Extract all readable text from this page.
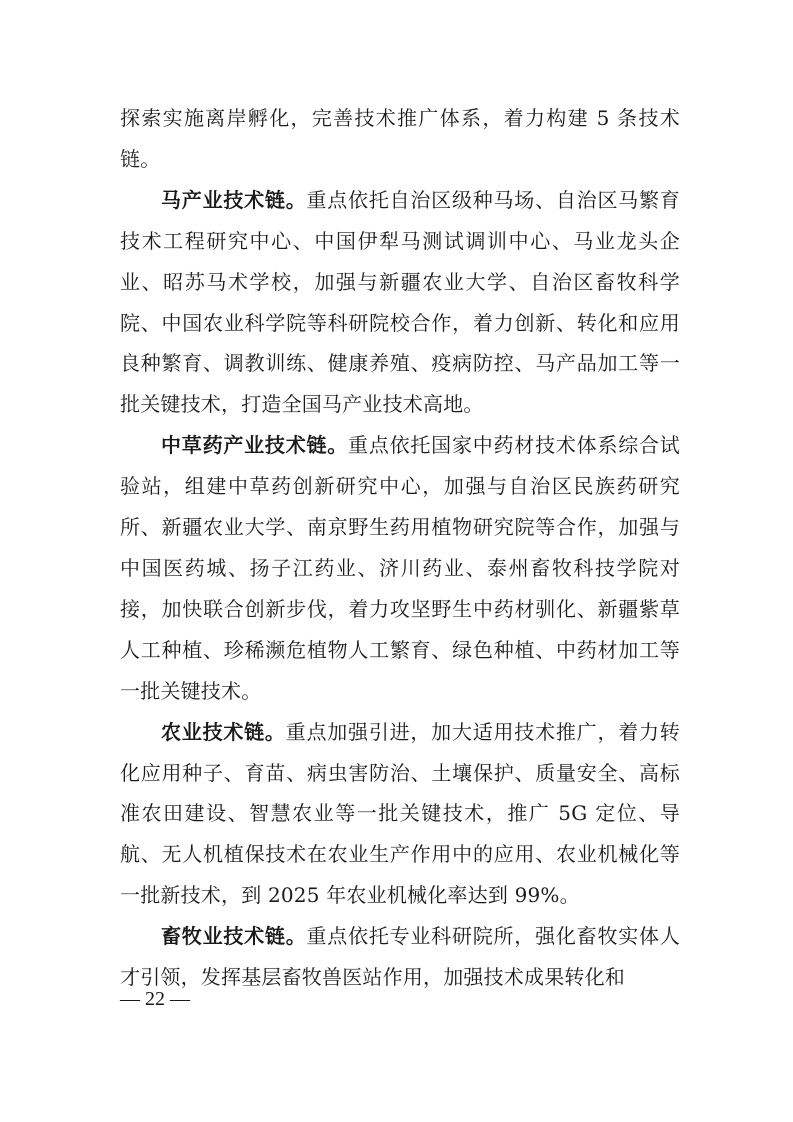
探索实施离岸孵化，完善技术推广体系，着力构建 5 条技术链。

马产业技术链。重点依托自治区级种马场、自治区马繁育技术工程研究中心、中国伊犁马测试调训中心、马业龙头企业、昭苏马术学校，加强与新疆农业大学、自治区畜牧科学院、中国农业科学院等科研院校合作，着力创新、转化和应用良种繁育、调教训练、健康养殖、疫病防控、马产品加工等一批关键技术，打造全国马产业技术高地。

中草药产业技术链。重点依托国家中药材技术体系综合试验站，组建中草药创新研究中心，加强与自治区民族药研究所、新疆农业大学、南京野生药用植物研究院等合作，加强与中国医药城、扬子江药业、济川药业、泰州畜牧科技学院对接，加快联合创新步伐，着力攻坚野生中药材驯化、新疆紫草人工种植、珍稀濒危植物人工繁育、绿色种植、中药材加工等一批关键技术。

农业技术链。重点加强引进，加大适用技术推广，着力转化应用种子、育苗、病虫害防治、土壤保护、质量安全、高标准农田建设、智慧农业等一批关键技术，推广 5G 定位、导航、无人机植保技术在农业生产作用中的应用、农业机械化等一批新技术，到 2025 年农业机械化率达到 99%。

畜牧业技术链。重点依托专业科研院所，强化畜牧实体人才引领，发挥基层畜牧兽医站作用，加强技术成果转化和

— 22 —
